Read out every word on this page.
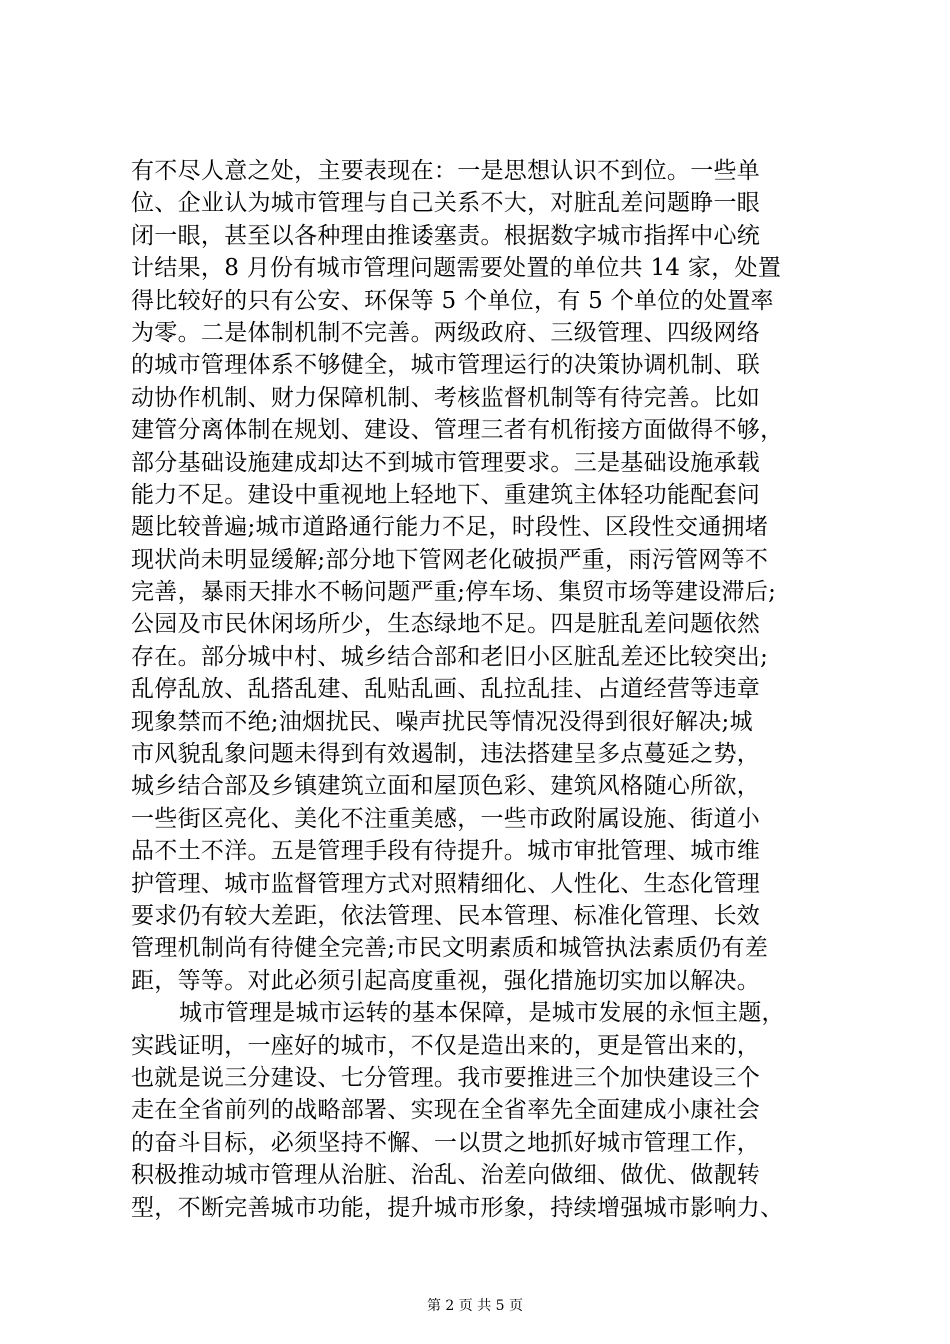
有不尽人意之处，主要表现在：一是思想认识不到位。一些单
位、企业认为城市管理与自己关系不大，对脏乱差问题睁一眼
闭一眼，甚至以各种理由推诿塞责。根据数字城市指挥中心统
计结果，8 月份有城市管理问题需要处置的单位共 14 家，处置
得比较好的只有公安、环保等 5 个单位，有 5 个单位的处置率
为零。二是体制机制不完善。两级政府、三级管理、四级网络
的城市管理体系不够健全，城市管理运行的决策协调机制、联
动协作机制、财力保障机制、考核监督机制等有待完善。比如
建管分离体制在规划、建设、管理三者有机衔接方面做得不够，
部分基础设施建成却达不到城市管理要求。三是基础设施承载
能力不足。建设中重视地上轻地下、重建筑主体轻功能配套问
题比较普遍;城市道路通行能力不足，时段性、区段性交通拥堵
现状尚未明显缓解;部分地下管网老化破损严重，雨污管网等不
完善，暴雨天排水不畅问题严重;停车场、集贸市场等建设滞后;
公园及市民休闲场所少，生态绿地不足。四是脏乱差问题依然
存在。部分城中村、城乡结合部和老旧小区脏乱差还比较突出;
乱停乱放、乱搭乱建、乱贴乱画、乱拉乱挂、占道经营等违章
现象禁而不绝;油烟扰民、噪声扰民等情况没得到很好解决;城
市风貌乱象问题未得到有效遏制，违法搭建呈多点蔓延之势，
城乡结合部及乡镇建筑立面和屋顶色彩、建筑风格随心所欲，
一些街区亮化、美化不注重美感，一些市政附属设施、街道小
品不土不洋。五是管理手段有待提升。城市审批管理、城市维
护管理、城市监督管理方式对照精细化、人性化、生态化管理
要求仍有较大差距，依法管理、民本管理、标准化管理、长效
管理机制尚有待健全完善;市民文明素质和城管执法素质仍有差
距，等等。对此必须引起高度重视，强化措施切实加以解决。
城市管理是城市运转的基本保障，是城市发展的永恒主题，
实践证明，一座好的城市，不仅是造出来的，更是管出来的，
也就是说三分建设、七分管理。我市要推进三个加快建设三个
走在全省前列的战略部署、实现在全省率先全面建成小康社会
的奋斗目标，必须坚持不懈、一以贯之地抓好城市管理工作，
积极推动城市管理从治脏、治乱、治差向做细、做优、做靓转
型，不断完善城市功能，提升城市形象，持续增强城市影响力、
第 2 页 共 5 页
